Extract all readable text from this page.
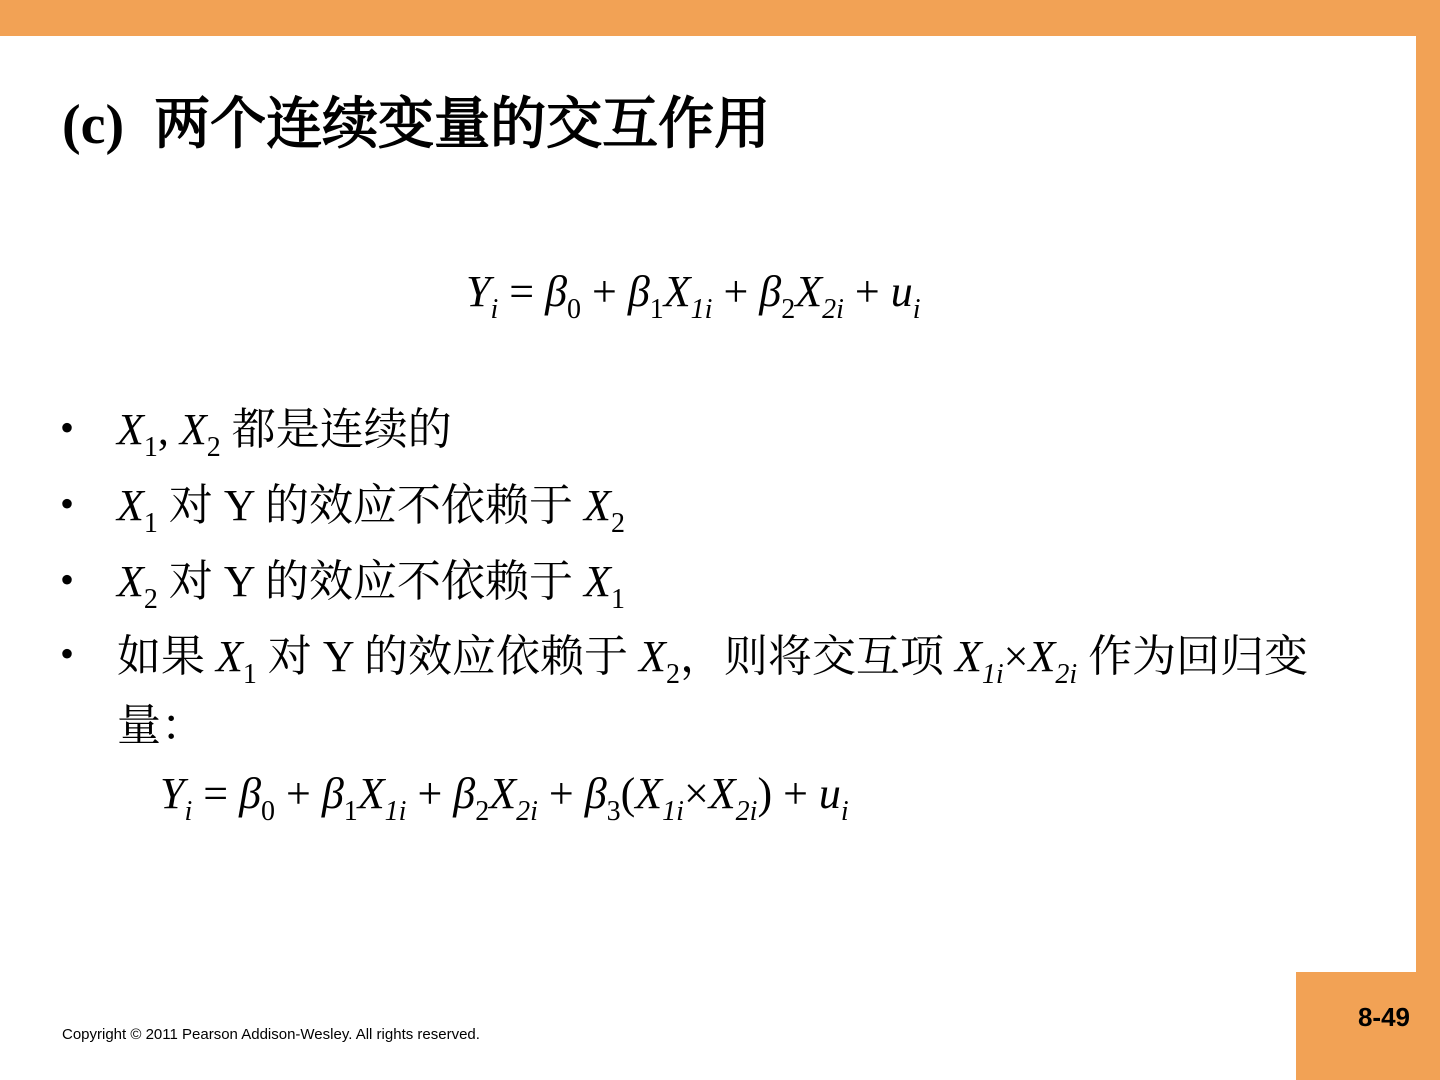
(c) 两个连续变量的交互作用
$Y_i = \beta_0 + \beta_1X_{1i} + \beta_2X_{2i} + u_i$
• $X_1$, $X_2$ 都是连续的
• $X_1$ 对 Y 的效应不依赖于 $X_2$
• $X_2$ 对 Y 的效应不依赖于 $X_1$
• 如果 $X_1$ 对 Y 的效应依赖于 $X_2$，则将交互项 $X_{1i}\times X_{2i}$ 作为回归变量：
$Y_i = \beta_0 + \beta_1X_{1i} + \beta_2X_{2i} + \beta_3(X_{1i}\times X_{2i}) + u_i$
Copyright © 2011 Pearson Addison-Wesley. All rights reserved.
8-49
